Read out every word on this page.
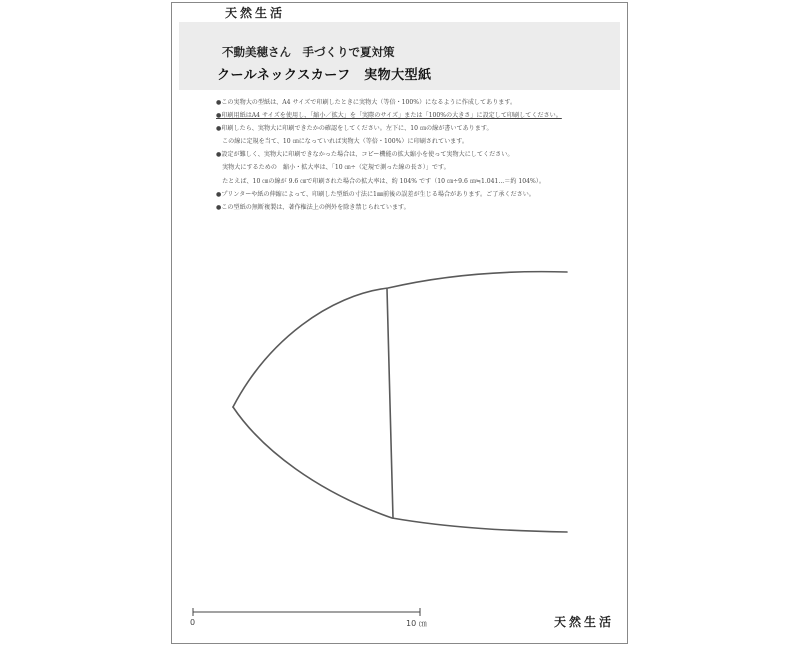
天然生活
不動美穂さん　手づくりで夏対策
クールネックスカーフ　実物大型紙
●この実物大の型紙は、A4 サイズで印刷したときに実物大（等倍・100%）になるように作成してあります。
●印刷用紙はA4 サイズを使用し、「縮小／拡大」を「実際のサイズ」または「100%の大きさ」に設定して印刷してください。
●印刷したら、実物大に印刷できたかの確認をしてください。左下に、10 ㎝の線が書いてあります。
　この線に定規を当て、10 ㎝になっていれば実物大（等倍・100%）に印刷されています。
●設定が難しく、実物大に印刷できなかった場合は、コピー機能の拡大縮小を使って実物大にしてください。
　実物大にするための　縮小・拡大率は、「10 ㎝÷（定規で測った線の長さ）」です。
　たとえば、10 ㎝の線が 9.6 ㎝で印刷された場合の拡大率は、約 104% です（10 ㎝÷9.6 ㎝≒1.041...＝約 104%）。
●プリンターや紙の伸縮によって、印刷した型紙の寸法に1㎜前後の誤差が生じる場合があります。ご了承ください。
●この型紙の無断複製は、著作権法上の例外を除き禁じられています。
0	10 ㎝	天然生活
